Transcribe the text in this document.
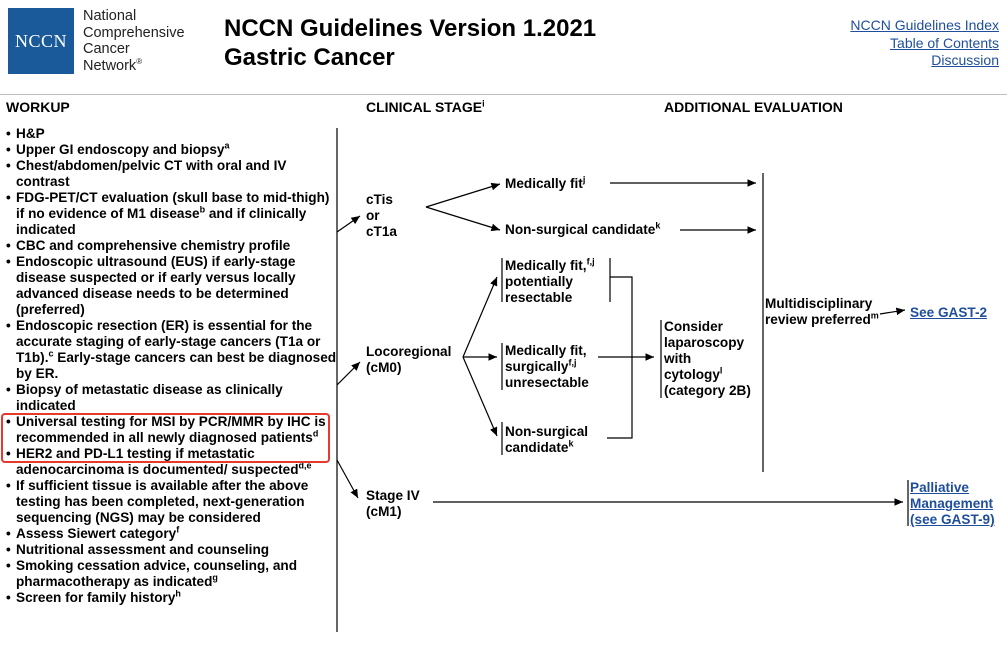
NCCN
National
Comprehensive
Cancer
Network®
NCCN Guidelines Version 1.2021
Gastric Cancer
NCCN Guidelines Index
Table of Contents
Discussion
WORKUP	CLINICAL STAGE$^i$	ADDITIONAL EVALUATION
• H&P
• Upper GI endoscopy and biopsy$^a$
• Chest/abdomen/pelvic CT with oral and IV contrast
• FDG-PET/CT evaluation (skull base to mid-thigh) if no evidence of M1 disease$^b$ and if clinically indicated
• CBC and comprehensive chemistry profile
• Endoscopic ultrasound (EUS) if early-stage disease suspected or if early versus locally advanced disease needs to be determined (preferred)
• Endoscopic resection (ER) is essential for the accurate staging of early-stage cancers (T1a or T1b).$^c$ Early-stage cancers can best be diagnosed by ER.
• Biopsy of metastatic disease as clinically indicated
• Universal testing for MSI by PCR/MMR by IHC is recommended in all newly diagnosed patients$^d$
• HER2 and PD-L1 testing if metastatic adenocarcinoma is documented/ suspected$^{d,e}$
• If sufficient tissue is available after the above testing has been completed, next-generation sequencing (NGS) may be considered
• Assess Siewert category$^f$
• Nutritional assessment and counseling
• Smoking cessation advice, counseling, and pharmacotherapy as indicated$^g$
• Screen for family history$^h$
cTis
or
cT1a
Locoregional
(cM0)
Stage IV
(cM1)
Medically fit$^j$
Non-surgical candidate$^k$
Medically fit,$^{f,j}$
potentially
resectable
Medically fit,
surgically$^{f,j}$
unresectable
Non-surgical
candidate$^k$
Consider
laparoscopy
with
cytology$^l$
(category 2B)
Multidisciplinary
review preferred$^m$ See GAST-2
Palliative
Management
(see GAST-9)
